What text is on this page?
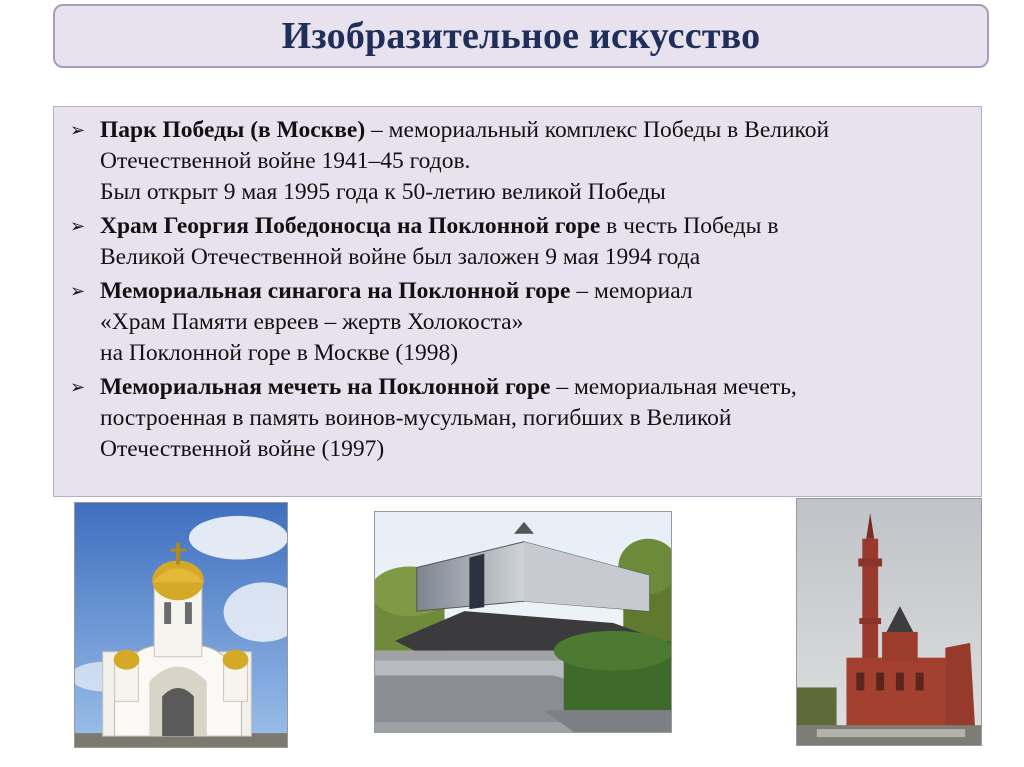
Изобразительное искусство
➢ Парк Победы (в Москве) – мемориальный комплекс Победы в Великой
Отечественной войне 1941–45 годов.
Был открыт 9 мая 1995 года к 50-летию великой Победы
➢ Храм Георгия Победоносца на Поклонной горе в честь Победы в
Великой Отечественной войне был заложен 9 мая 1994 года
➢ Мемориальная синагога на Поклонной горе – мемориал
«Храм Памяти евреев – жертв Холокоста»
на Поклонной горе в Москве (1998)
➢ Мемориальная мечеть на Поклонной горе – мемориальная мечеть,
построенная в память воинов-мусульман, погибших в Великой
Отечественной войне (1997)
